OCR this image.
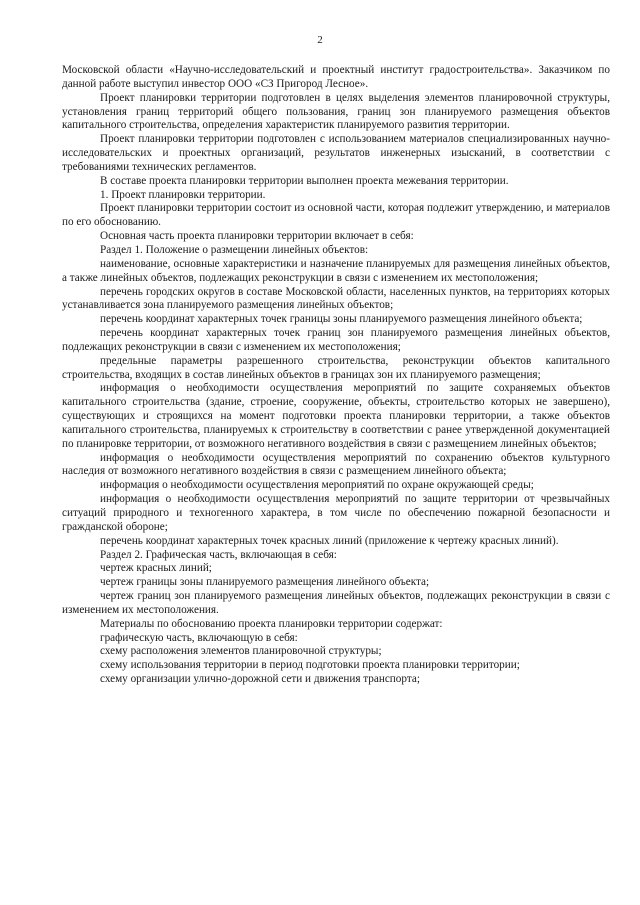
2

Московской области «Научно-исследовательский и проектный институт градостроительства». Заказчиком по данной работе выступил инвестор ООО «СЗ Пригород Лесное».

Проект планировки территории подготовлен в целях выделения элементов планировочной структуры, установления границ территорий общего пользования, границ зон планируемого размещения объектов капитального строительства, определения характеристик планируемого развития территории.

Проект планировки территории подготовлен с использованием материалов специализированных научно-исследовательских и проектных организаций, результатов инженерных изысканий, в соответствии с требованиями технических регламентов.

В составе проекта планировки территории выполнен проекта межевания территории.

1. Проект планировки территории.

Проект планировки территории состоит из основной части, которая подлежит утверждению, и материалов по его обоснованию.

Основная часть проекта планировки территории включает в себя:

Раздел 1. Положение о размещении линейных объектов:

наименование, основные характеристики и назначение планируемых для размещения линейных объектов, а также линейных объектов, подлежащих реконструкции в связи с изменением их местоположения;

перечень городских округов в составе Московской области, населенных пунктов, на территориях которых устанавливается зона планируемого размещения линейных объектов;

перечень координат характерных точек границы зоны планируемого размещения линейного объекта;

перечень координат характерных точек границ зон планируемого размещения линейных объектов, подлежащих реконструкции в связи с изменением их местоположения;

предельные параметры разрешенного строительства, реконструкции объектов капитального строительства, входящих в состав линейных объектов в границах зон их планируемого размещения;

информация о необходимости осуществления мероприятий по защите сохраняемых объектов капитального строительства (здание, строение, сооружение, объекты, строительство которых не завершено), существующих и строящихся на момент подготовки проекта планировки территории, а также объектов капитального строительства, планируемых к строительству в соответствии с ранее утвержденной документацией по планировке территории, от возможного негативного воздействия в связи с размещением линейных объектов;

информация о необходимости осуществления мероприятий по сохранению объектов культурного наследия от возможного негативного воздействия в связи с размещением линейного объекта;

информация о необходимости осуществления мероприятий по охране окружающей среды;

информация о необходимости осуществления мероприятий по защите территории от чрезвычайных ситуаций природного и техногенного характера, в том числе по обеспечению пожарной безопасности и гражданской обороне;

перечень координат характерных точек красных линий (приложение к чертежу красных линий).

Раздел 2. Графическая часть, включающая в себя:

чертеж красных линий;

чертеж границы зоны планируемого размещения линейного объекта;

чертеж границ зон планируемого размещения линейных объектов, подлежащих реконструкции в связи с изменением их местоположения.

Материалы по обоснованию проекта планировки территории содержат:

графическую часть, включающую в себя:

схему расположения элементов планировочной структуры;

схему использования территории в период подготовки проекта планировки территории;

схему организации улично-дорожной сети и движения транспорта;
